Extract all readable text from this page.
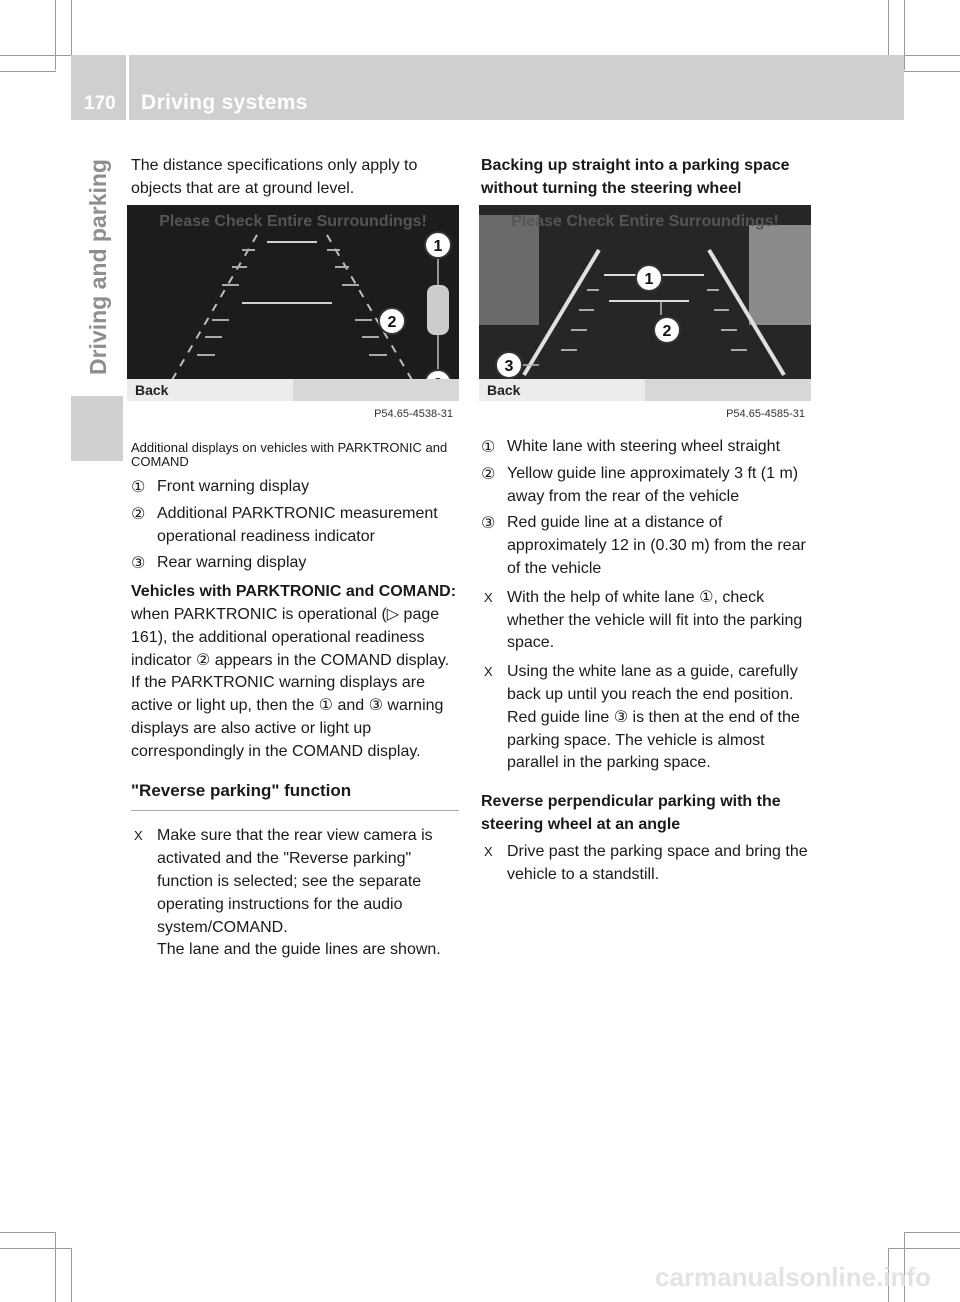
170 Driving systems
Driving and parking The distance specifications only apply to objects that are at ground level.

1
2
Please Check Entire Surroundings!
Back
P54.65-4538-31

Additional displays on vehicles with PARKTRONIC and COMAND

① Front warning display
② Additional PARKTRONIC measurement operational readiness indicator
③ Rear warning display

Vehicles with PARKTRONIC and COMAND: when PARKTRONIC is operational (▷ page 161), the additional operational readiness indicator ② appears in the COMAND display. If the PARKTRONIC warning displays are active or light up, then the ① and ③ warning displays are also active or light up correspondingly in the COMAND display.

"Reverse parking" function

X Make sure that the rear view camera is activated and the "Reverse parking" function is selected; see the separate operating instructions for the audio system/COMAND.
The lane and the guide lines are shown.

Backing up straight into a parking space without turning the steering wheel

1
2
3
Please Check Entire Surroundings!
Back
P54.65-4585-31
① White lane with steering wheel straight
② Yellow guide line approximately 3 ft (1 m) away from the rear of the vehicle
③ Red guide line at a distance of approximately 12 in (0.30 m) from the rear of the vehicle
X With the help of white lane ①, check whether the vehicle will fit into the parking space.
X Using the white lane as a guide, carefully back up until you reach the end position. Red guide line ③ is then at the end of the parking space. The vehicle is almost parallel in the parking space.

Reverse perpendicular parking with the steering wheel at an angle

X Drive past the parking space and bring the vehicle to a standstill.
carmanualsonline.info
